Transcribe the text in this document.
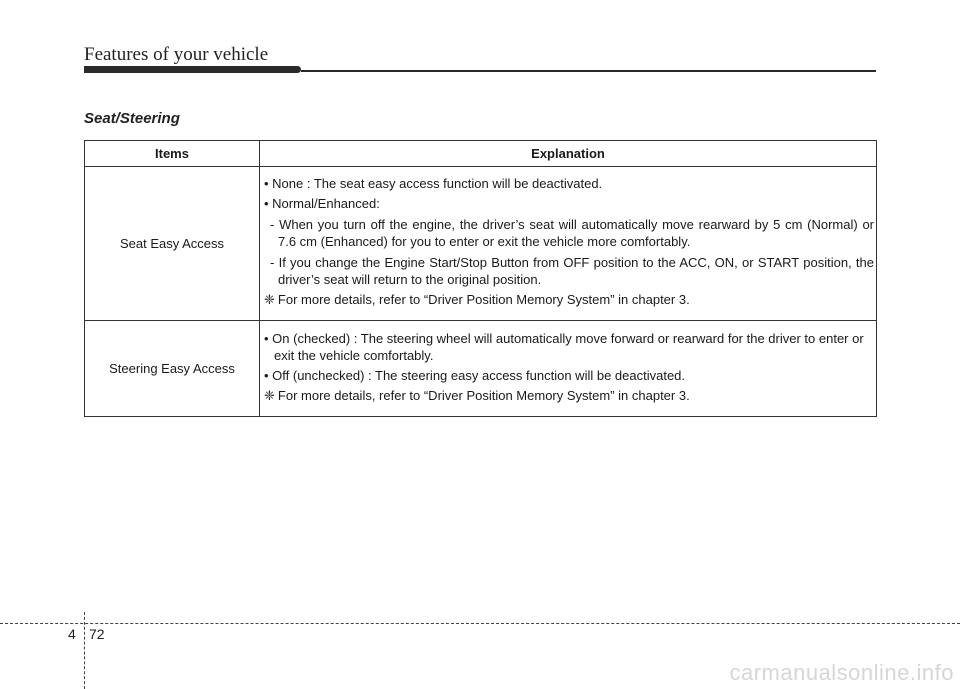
Features of your vehicle
Seat/Steering
Items	Explanation
Seat Easy Access	• None : The seat easy access function will be deactivated.
• Normal/Enhanced:
- When you turn off the engine, the driver’s seat will automatically move rearward by 5 cm (Normal) or 7.6 cm (Enhanced) for you to enter or exit the vehicle more comfortably.
- If you change the Engine Start/Stop Button from OFF position to the ACC, ON, or START position, the driver’s seat will return to the original position.
❈ For more details, refer to “Driver Position Memory System” in chapter 3.

Steering Easy Access	• On (checked) : The steering wheel will automatically move forward or rearward for the driver to enter or exit the vehicle comfortably.
• Off (unchecked) : The steering easy access function will be deactivated.
❈ For more details, refer to “Driver Position Memory System” in chapter 3.
4 72
carmanualsonline.info
